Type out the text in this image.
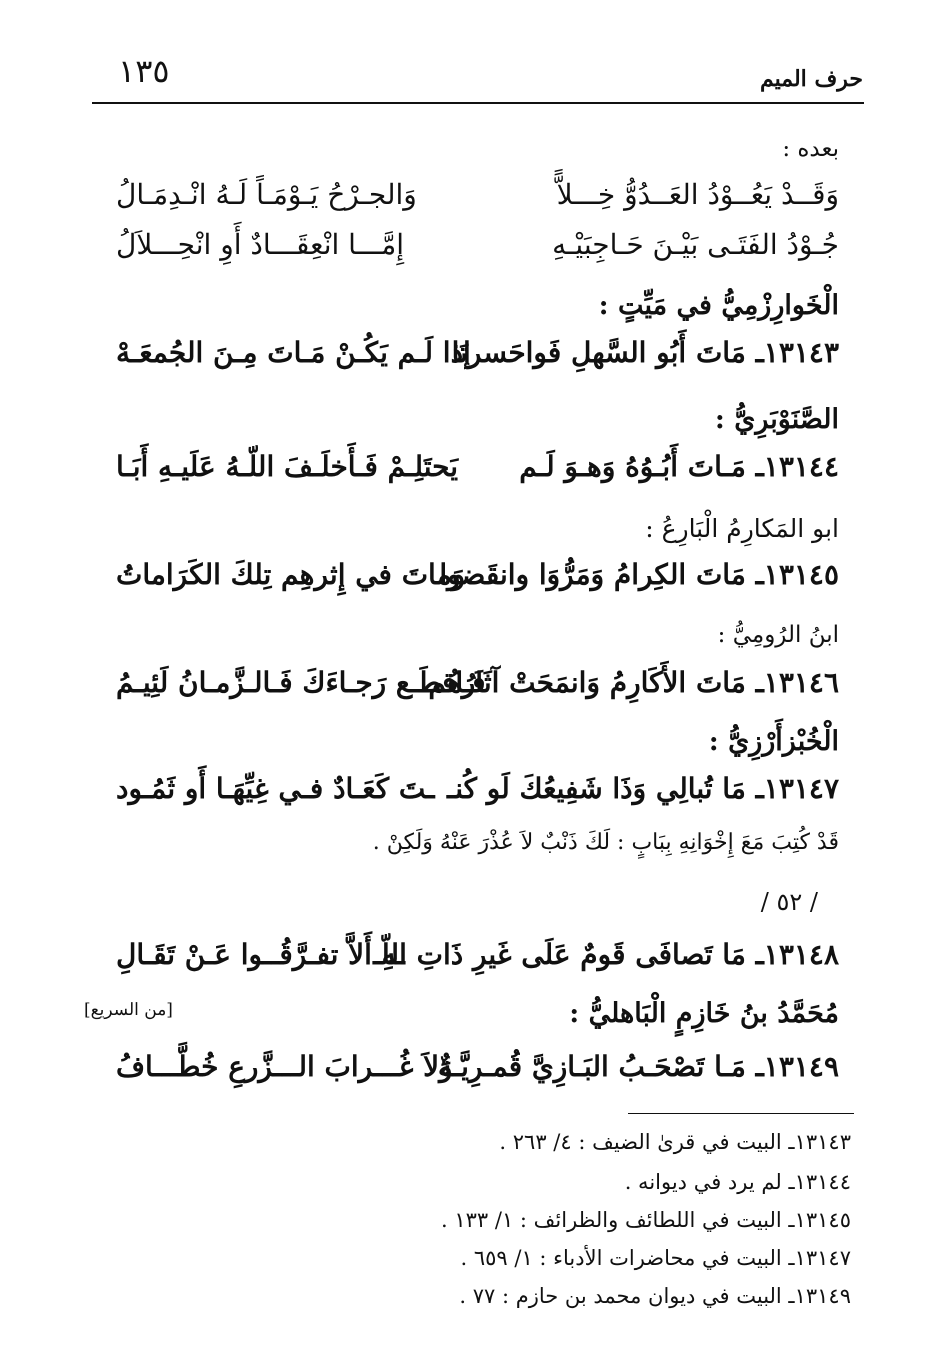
١٣٥	حرف الميم
بعده :
وَقَــدْ يَعُــوْدُ العَــدُوُّ خِـــلاًّ
وَالجـرْحُ يَـوْمَـاً لَـهُ انْـدِمَـالُ
جُـوْدُ الفَتَـى بَيْـنَ حَـاجِبَيْـهِ
إِمَّـــا انْعِقَـــادٌ أَوِ انْحِـــلاَلُ
الْخَوارِزْمِيُّ في مَيِّتٍ :
١٣١٤٣ـ مَاتَ أَبُو السَّهلِ فَواحَسرتَا
إذا لَـم يَكُـنْ مَـاتَ مِـنَ الجُمعَـهْ
الصَّنَوْبَرِيُّ :
١٣١٤٤ـ مَـاتَ أَبُـوُهُ وَهـوَ لَـم
يَحتَلِـمْ فَـأَخلَـفَ اللّـهُ عَلَيـهِ أَبَـا
ابو المَكارِمُ الْبَارِعُ :
١٣١٤٥ـ مَاتَ الكِرامُ وَمَرُّوَا وانقَضوا
وَماتَ في إِثرهِم تِلكَ الكَرَاماتُ
ابنُ الرُومِيُّ :
١٣١٤٦ـ مَاتَ الأَكَارِمُ وَانمَحَتْ آثَارُهُم
فَـاقطَـع رَجـاءَكَ فَـالـزَّمـانُ لَئِيـمُ
الْخُبْزأَرْزِيُّ :
١٣١٤٧ـ مَا تُبالِي وَذَا شَفِيعُكَ لَو كُنـ
ـتَ كَعَـادٌ فـي غِيِّهَـا أَو ثَمُـود
قَدْ كُتِبَ مَعَ إِخْوَانِهِ بِبَابٍ : لَكَ ذَنْبٌ لاَ عُذْرَ عَنْهُ وَلَكِنْ .
/ ٥٢ /
١٣١٤٨ـ مَا تَصافَى قَومٌ عَلَى غَيرِ ذَاتِ اللّـ
ـهِ أَلاَّ تفـرَّقُــوا عَـنْ تَقَـالِ
مُحَمَّدُ بنُ خَازِمٍ الْبَاهليُّ :
[من السريع]
١٣١٤٩ـ مَـا تَصْحَـبُ البَـازِيَّ قُمـرِيَّـةٌ
وَلاَ غُـــرابَ الـــزَّرعِ خُطَّـــافُ
١٣١٤٣ـ البيت في قرىٰ الضيف : ٤/ ٢٦٣ .
١٣١٤٤ـ لم يرد في ديوانه .
١٣١٤٥ـ البيت في اللطائف والظرائف : ١/ ١٣٣ .
١٣١٤٧ـ البيت في محاضرات الأدباء : ١/ ٦٥٩ .
١٣١٤٩ـ البيت في ديوان محمد بن حازم : ٧٧ .
